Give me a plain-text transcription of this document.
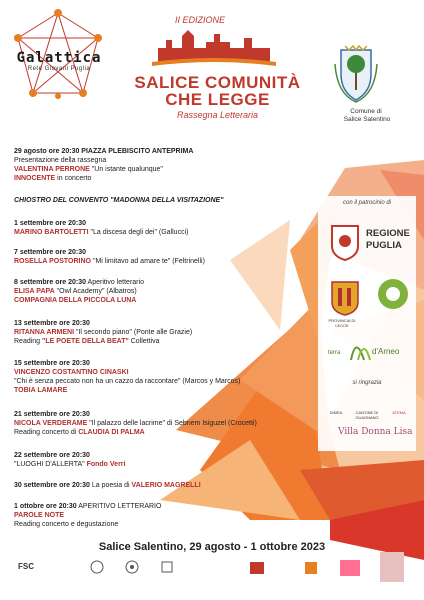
Galattica
Rete Giovani Puglia
II EDIZIONE
SALICE COMUNITÀ
CHE LEGGE
Rassegna Letteraria	Comune di
Salice Salentino
29 agosto ore 20:30 PIAZZA PLEBISCITO ANTEPRIMA
Presentazione della rassegna
VALENTINA PERRONE "Un istante qualunque"
INNOCENTE in concerto
CHIOSTRO DEL CONVENTO "MADONNA DELLA VISITAZIONE"
1 settembre ore 20:30
MARINO BARTOLETTI "La discesa degli dei" (Gallucci)
7 settembre ore 20:30
ROSELLA POSTORINO "Mi limitavo ad amare te" (Feltrinelli)
8 settembre ore 20:30 Aperitivo letterario
ELISA PAPA "Owl Academy" (Albatros)
COMPAGNIA DELLA PICCOLA LUNA
13 settembre ore 20:30
RITANNA ARMENI "Il secondo piano" (Ponte alle Grazie)
Reading "LE POETE DELLA BEAT" Collettiva
15 settembre ore 20:30
VINCENZO COSTANTINO CINASKI
"Chi è senza peccato non ha un cazzo da raccontare" (Marcos y Marcos)
TOBIA LAMARE
21 settembre ore 20:30
NICOLA VERDERAME "Il palazzo delle lacrime" di Sebnem Isiguzel (Crocetti)
Reading concerto di CLAUDIA DI PALMA
22 settembre ore 20:30
"LUOGHI D'ALLERTA" Fondo Verri
30 settembre ore 20:30 La poesia di VALERIO MAGRELLI
1 ottobre ore 20:30 APERITIVO LETTERARIO
PAROLE NOTE
Reading concerto e degustazione
con il patrocinio di
REGIONE
PUGLIA
PROVINCIA DI LECCE
terra	d'Arneo
si ringrazia
DIMEA	CANTINE DI GUAGNANO
ATEMA
Villa Donna Lisa
Salice Salentino, 29 agosto - 1 ottobre 2023
FSC
